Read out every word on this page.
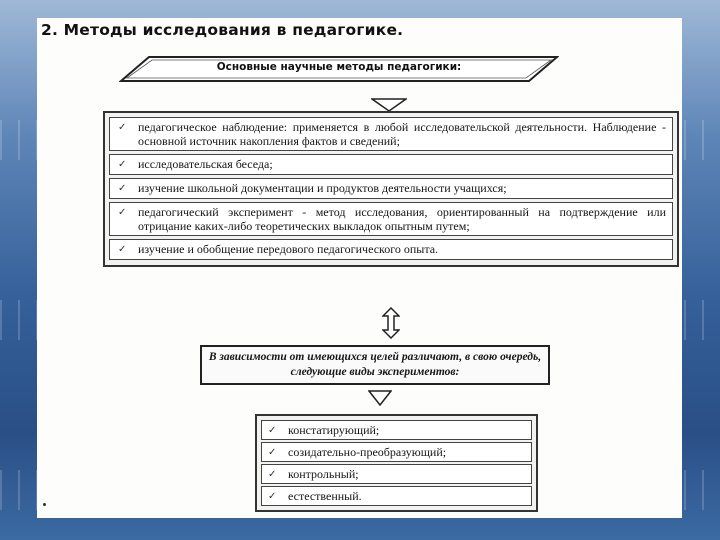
2. Методы исследования в педагогике.
Основные научные методы педагогики:
✓ педагогическое наблюдение: применяется в любой исследовательской деятельности. Наблюдение - основной источник накопления фактов и сведений;
✓ исследовательская беседа;
✓ изучение школьной документации и продуктов деятельности учащихся;
✓ педагогический эксперимент - метод исследования, ориентированный на подтверждение или отрицание каких-либо теоретических выкладок опытным путем;
✓ изучение и обобщение передового педагогического опыта.
В зависимости от имеющихся целей различают, в свою очередь, следующие виды экспериментов:
✓ констатирующий;
✓ созидательно-преобразующий;
✓ контрольный;
✓ естественный.
